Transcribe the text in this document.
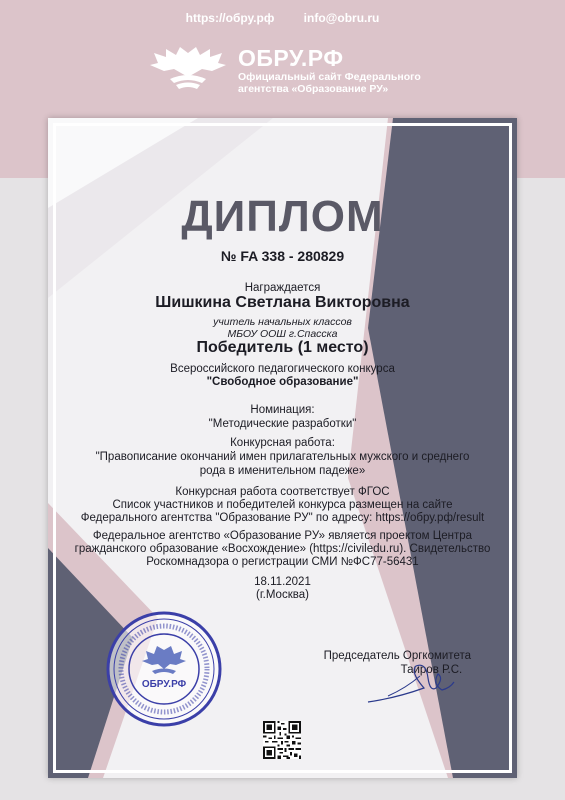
https://обру.рф info@obru.ru
ОБРУ.РФ
Официальный сайт Федерального
агентства «Образование РУ»
ДИПЛОМ
№ FA 338 - 280829
Награждается
Шишкина Светлана Викторовна
учитель начальных классов
МБОУ ООШ г.Спасска
Победитель (1 место)
Всероссийского педагогического конкурса
"Свободное образование"
Номинация:
"Методические разработки"
Конкурсная работа:
"Правописание окончаний имен прилагательных мужского и среднего
рода в именительном падеже»
Конкурсная работа соответствует ФГОС
Список участников и победителей конкурса размещен на сайте
Федерального агентства "Образование РУ" по адресу: https://обру.рф/result
Федеральное агентство «Образование РУ» является проектом Центра
гражданского образование «Восхождение» (https://civiledu.ru). Свидетельство
Роскомнадзора о регистрации СМИ №ФС77-56431
18.11.2021
(г.Москва)
ОБРУ.РФ
Председатель Оргкомитета
Таиров Р.С.
